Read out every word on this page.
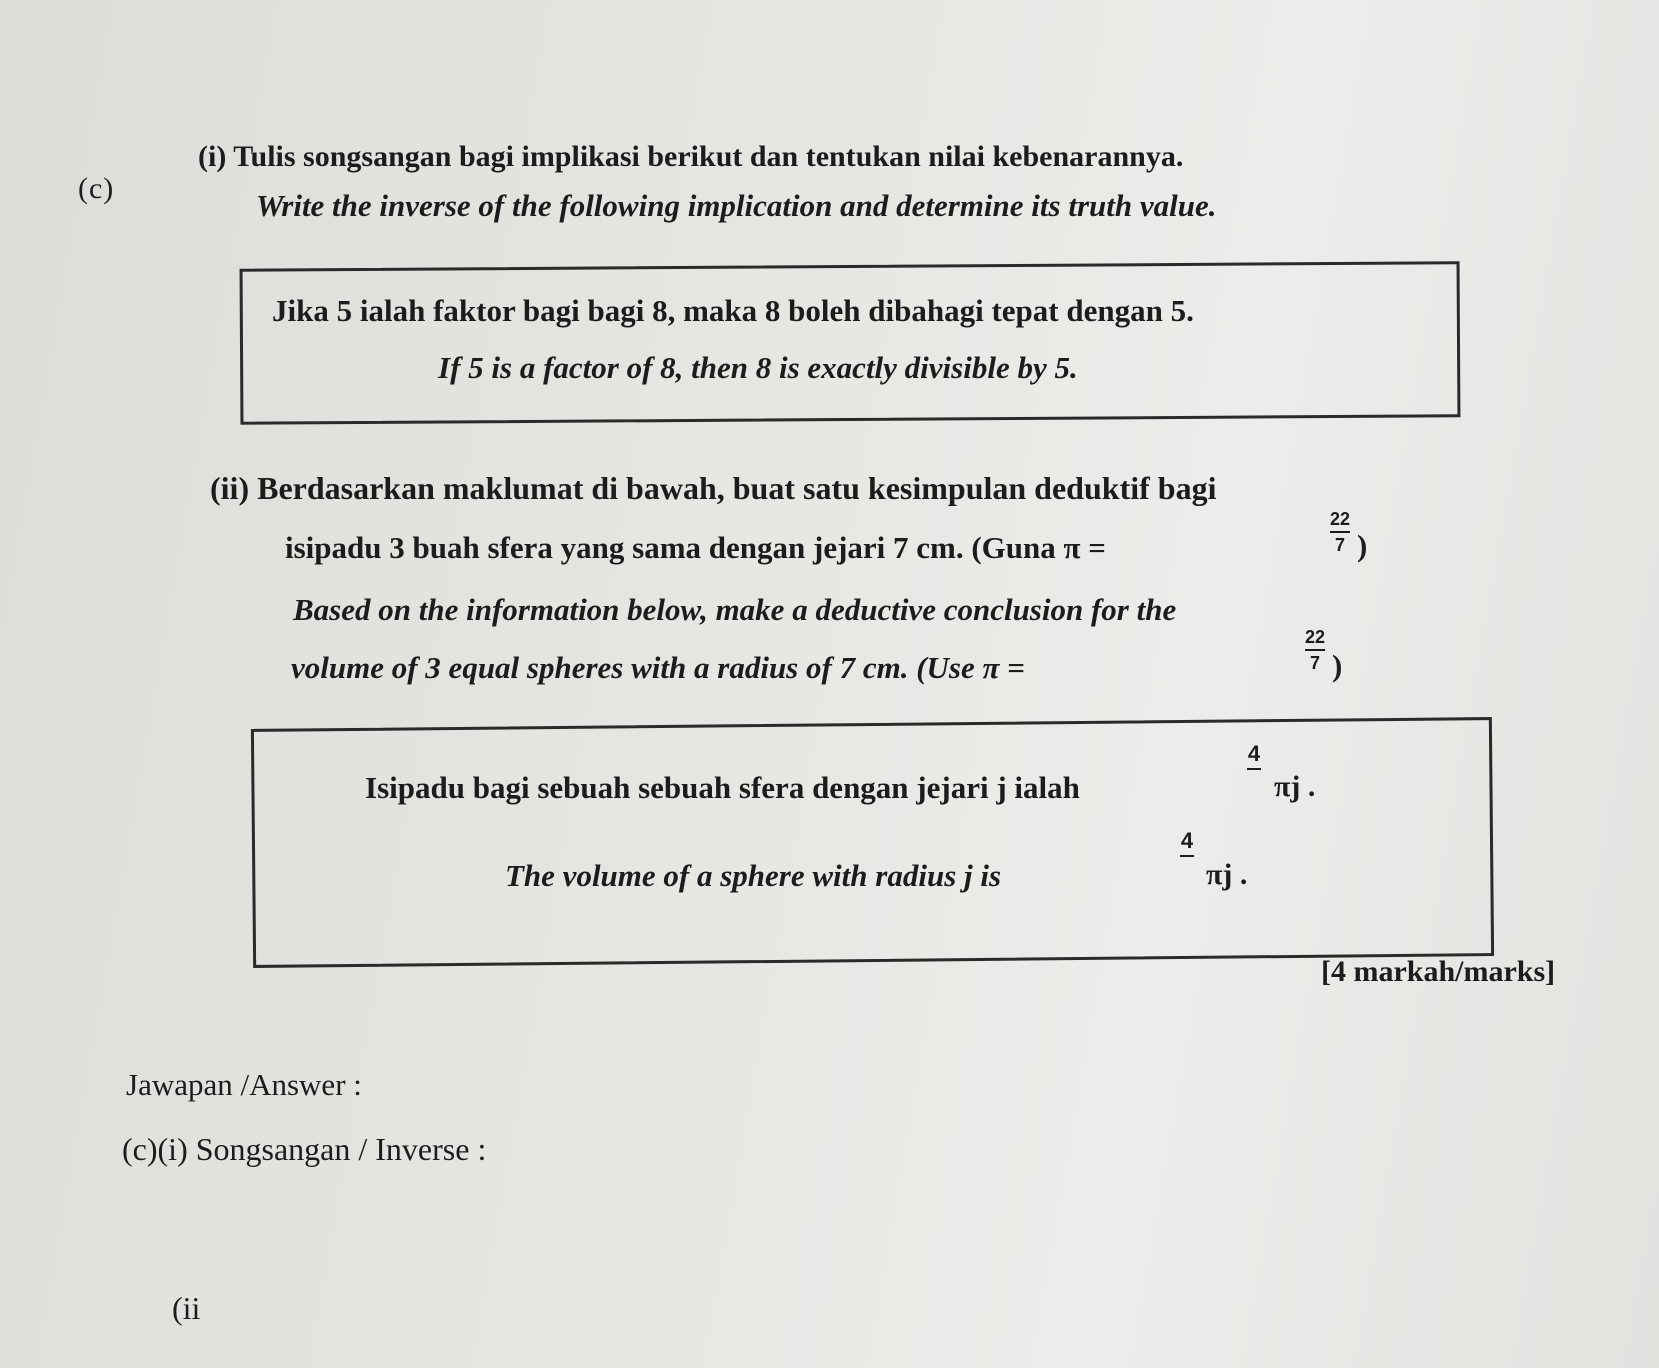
(c)
(i) Tulis songsangan bagi implikasi berikut dan tentukan nilai kebenarannya.
Write the inverse of the following implication and determine its truth value.
Jika 5 ialah faktor bagi bagi 8, maka 8 boleh dibahagi tepat dengan 5.
If 5 is a factor of 8, then 8 is exactly divisible by 5.
(ii) Berdasarkan maklumat di bawah, buat satu kesimpulan deduktif bagi
isipadu 3 buah sfera yang sama dengan jejari 7 cm. (Guna π =
22
7 )
Based on the information below, make a deductive conclusion for the
volume of 3 equal spheres with a radius of 7 cm. (Use π =
22
7 )
Isipadu bagi sebuah sebuah sfera dengan jejari j ialah
4
πj .
The volume of a sphere with radius j is
4
πj .
[4 markah/marks]
Jawapan /Answer :
(c)(i) Songsangan / Inverse :
(ii
